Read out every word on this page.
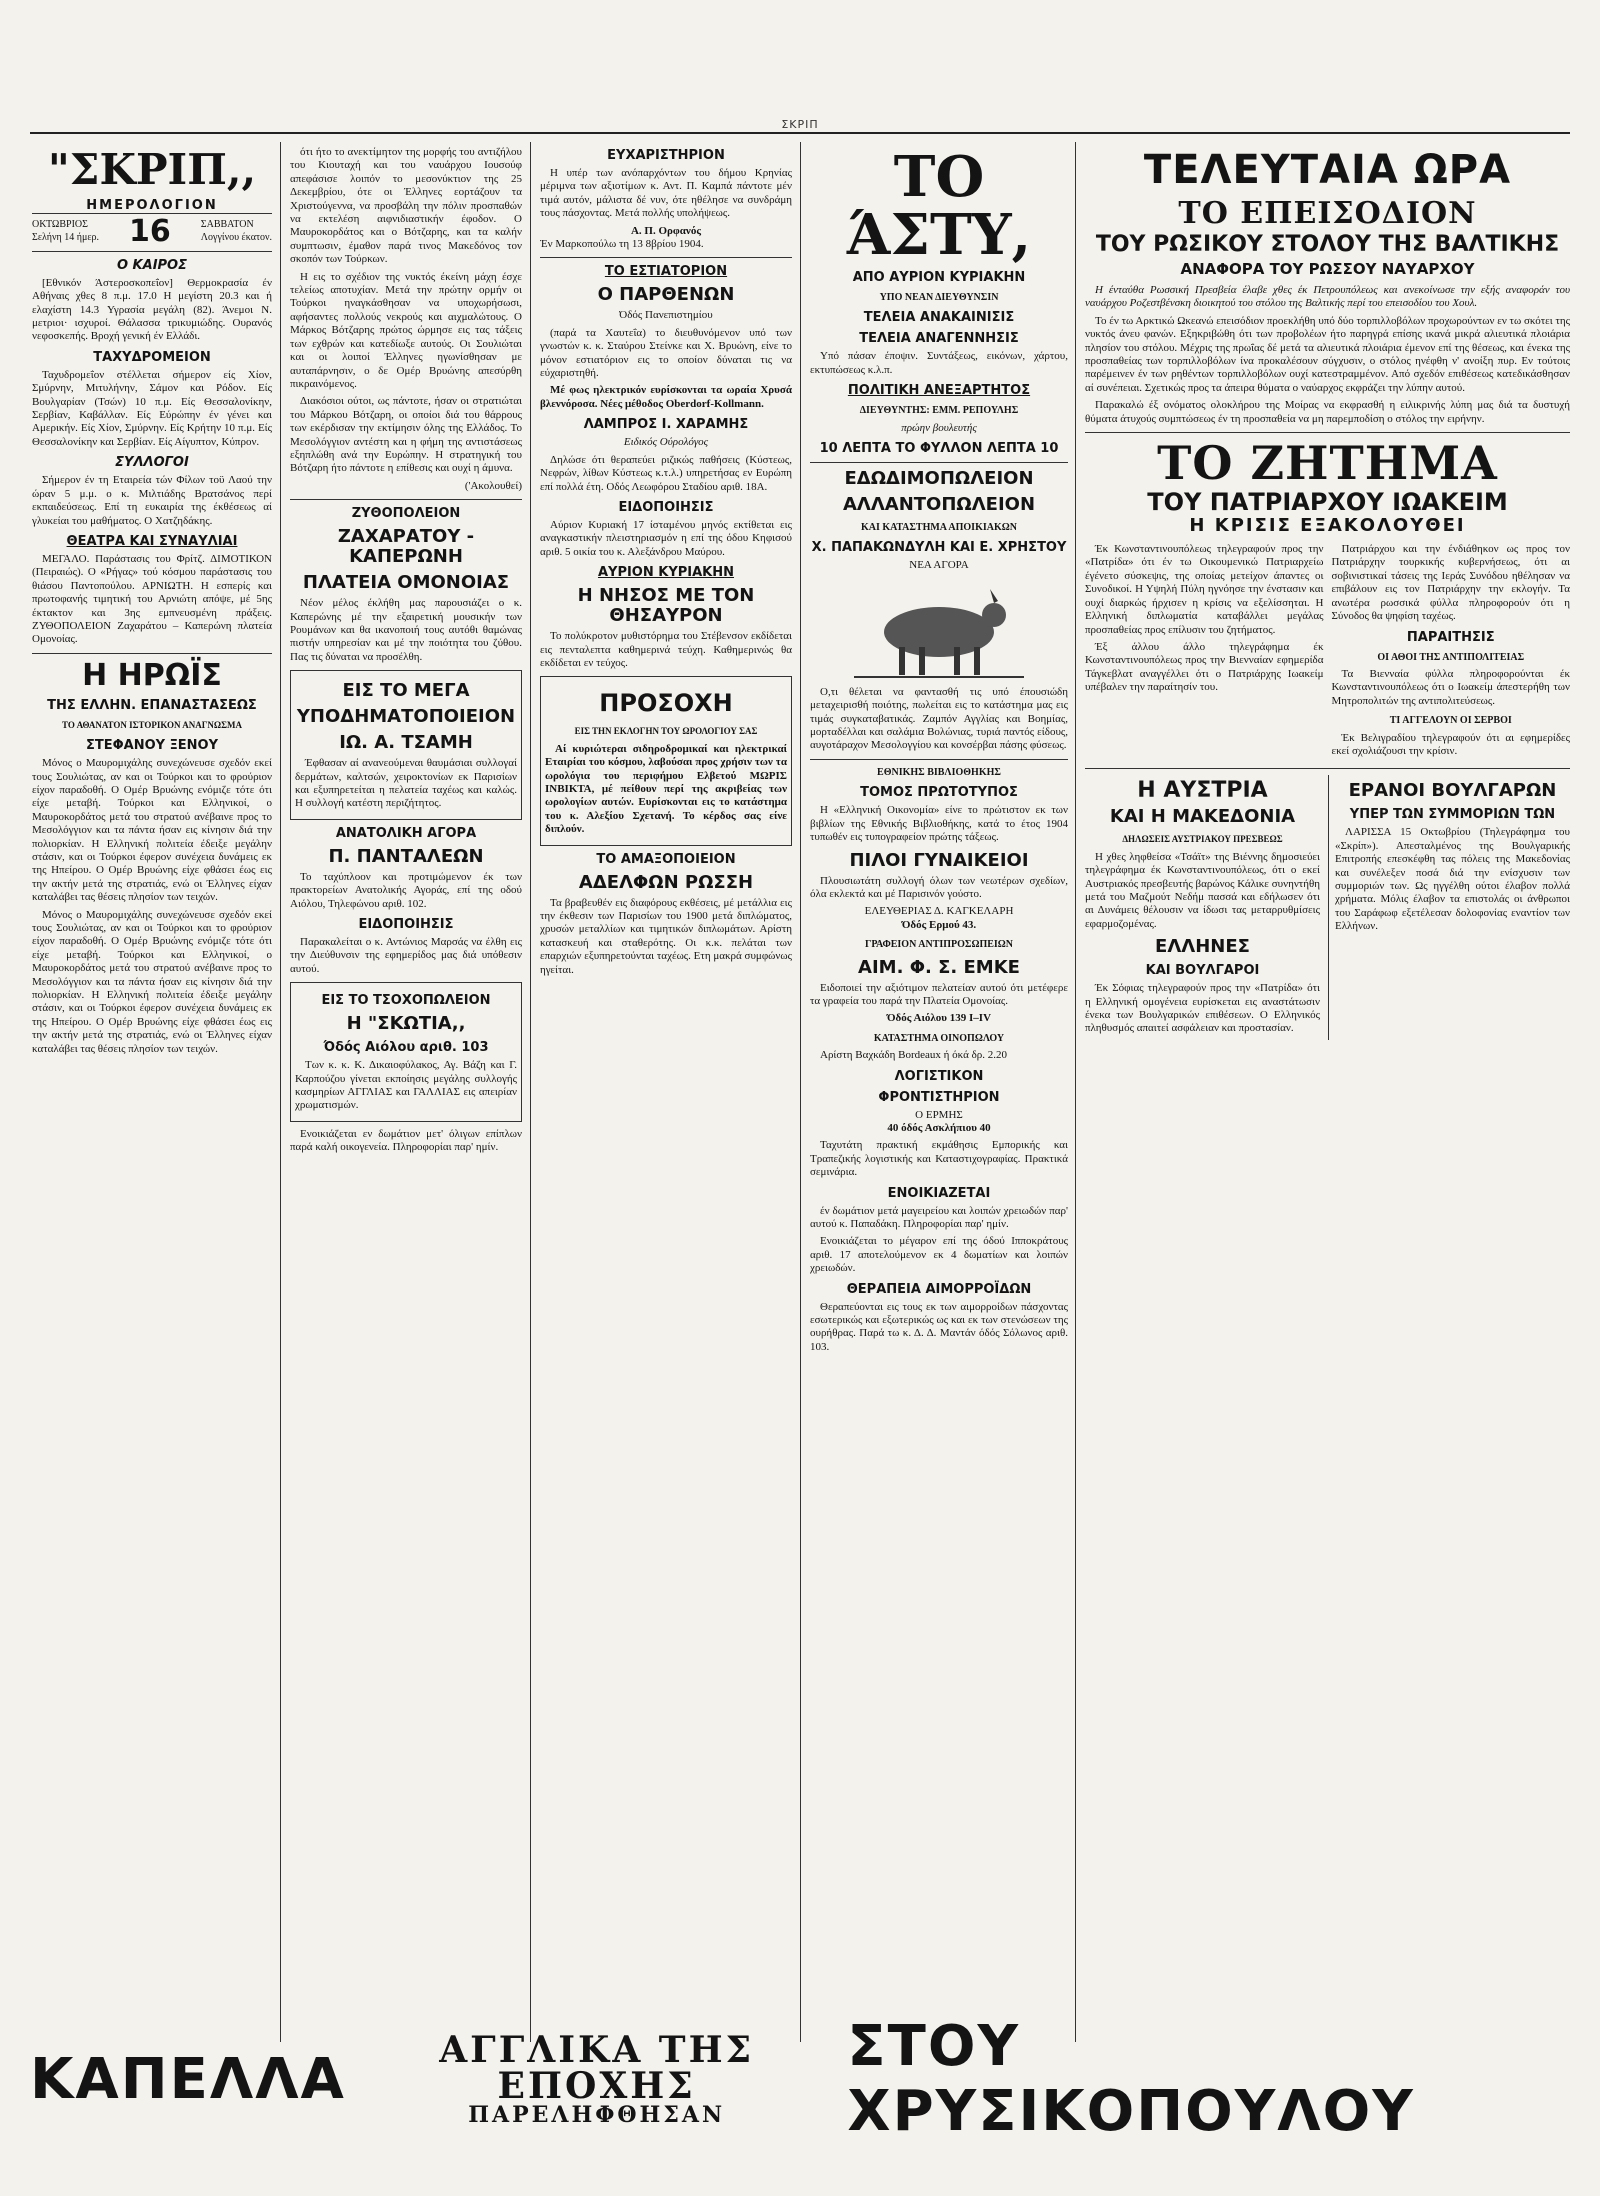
ΣΚΡΙΠ
"ΣΚΡΙΠ,,
ΗΜΕΡΟΛΟΓΙΟΝ
ΟΚΤΩΒΡΙΟΣ
Σελήνη 14 ήμερ. 16	ΣΑΒΒΑΤΟΝ
Λογγίνου έκατον.
Ο ΚΑΙΡΟΣ

[Εθνικόν Άστεροσκοπεΐον] Θερμοκρασία έν Αθήναις χθες 8 π.μ. 17.0 Η μεγίστη 20.3 και ή ελαχίστη 14.3 Υγρασία μεγάλη (82). Άνεμοι Ν. μετριοι· ισχυροί. Θάλασσα τρικυμιώδης. Ουρανός νεφοσκεπής. Βροχή γενική έν Ελλάδι.

ΤΑΧΥΔΡΟΜΕΙΟΝ

Ταχυδρομεΐον στέλλεται σήμερον είς Χίον, Σμύρνην, Μιτυλήνην, Σάμον και Ρόδον. Είς Βουλγαρίαν (Τσών) 10 π.μ. Είς Θεσσαλονίκην, Σερβίαν, Καβάλλαν. Είς Εύρώπην έν γένει και Αμερικήν. Είς Χίον, Σμύρνην. Είς Κρήτην 10 π.μ. Είς Θεσσαλονίκην και Σερβίαν. Είς Αίγυπτον, Κύπρον.

ΣΥΛΛΟΓΟΙ

Σήμερον έν τη Εταιρεία τών Φίλων τοϋ Λαού την ώραν 5 μ.μ. ο κ. Μιλτιάδης Βρατσάνος περί εκπαιδεύσεως. Επί τη ευκαιρία της έκθέσεως αί γλυκείαι του μαθήματος. Ο Χατζηδάκης.

ΘΕΑΤΡΑ ΚΑΙ ΣΥΝΑΥΛΙΑΙ

ΜΕΓΑΛΟ. Παράστασις του Φρίτζ. ΔΙΜΟΤΙΚΟΝ (Πειραιώς). Ο «Ρήγας» τού κόσμου παράστασις του θιάσου Παντοπούλου. ΑΡΝΙΩΤΗ. Η εσπερίς και πρωτοφανής τιμητική του Αρνιώτη απόψε, μέ 5ης έκτακτον και 3ης εμπνευσμένη πράξεις. ΖΥΘΟΠΟΛΕΙΟΝ Ζαχαράτου – Καπερώνη πλατεία Ομονοίας.

Η ΗΡΩΪΣ
ΤΗΣ ΕΛΛΗΝ. ΕΠΑΝΑΣΤΑΣΕΩΣ
ΤΟ ΑΘΑΝΑΤΟΝ ΙΣΤΟΡΙΚΟΝ ΑΝΑΓΝΩΣΜΑ
ΣΤΕΦΑΝΟΥ ΞΕΝΟΥ

Μόνος ο Μαυρομιχάλης συνεχώνευσε σχεδόν εκεί τους Σουλιώτας, αν και οι Τούρκοι και το φρούριον είχον παραδοθή. Ο Ομέρ Βρυώνης ενόμιζε τότε ότι είχε μεταβή. Τούρκοι και Ελληνικοί, ο Μαυροκορδάτος μετά του στρατού ανέβαινε προς το Μεσολόγγιον και τα πάντα ήσαν εις κίνησιν διά την πολιορκίαν. Η Ελληνική πολιτεία έδειξε μεγάλην στάσιν, και οι Τούρκοι έφερον συνέχεια δυνάμεις εκ της Ηπείρου. Ο Ομέρ Βρυώνης είχε φθάσει έως εις την ακτήν μετά της στρατιάς, ενώ οι Έλληνες είχαν καταλάβει τας θέσεις πλησίον των τειχών.

Μόνος ο Μαυρομιχάλης συνεχώνευσε σχεδόν εκεί τους Σουλιώτας, αν και οι Τούρκοι και το φρούριον είχον παραδοθή. Ο Ομέρ Βρυώνης ενόμιζε τότε ότι είχε μεταβή. Τούρκοι και Ελληνικοί, ο Μαυροκορδάτος μετά του στρατού ανέβαινε προς το Μεσολόγγιον και τα πάντα ήσαν εις κίνησιν διά την πολιορκίαν. Η Ελληνική πολιτεία έδειξε μεγάλην στάσιν, και οι Τούρκοι έφερον συνέχεια δυνάμεις εκ της Ηπείρου. Ο Ομέρ Βρυώνης είχε φθάσει έως εις την ακτήν μετά της στρατιάς, ενώ οι Έλληνες είχαν καταλάβει τας θέσεις πλησίον των τειχών.

ότι ήτο το ανεκτίμητον της μορφής του αντιζήλου του Κιουταχή και του ναυάρχου Ιουσούφ απεφάσισε λοιπόν το μεσονύκτιον της 25 Δεκεμβρίου, ότε οι Έλληνες εορτάζουν τα Χριστούγεννα, να προσβάλη την πόλιν προσπαθών να εκτελέση αιφνιδιαστικήν έφοδον. Ο Μαυροκορδάτος και ο Βότζαρης, και τα καλήν συμπτωσιν, έμαθον παρά τινος Μακεδόνος τον σκοπόν των Τούρκων.

Η εις το σχέδιον της νυκτός έκείνη μάχη έσχε τελείως αποτυχίαν. Μετά την πρώτην ορμήν οι Τούρκοι ηναγκάσθησαν να υποχωρήσωσι, αφήσαντες πολλούς νεκρούς και αιχμαλώτους. Ο Μάρκος Βότζαρης πρώτος ώρμησε εις τας τάξεις των εχθρών και κατεδίωξε αυτούς. Οι Σουλιώται και οι λοιποί Έλληνες ηγωνίσθησαν με αυταπάρνησιν, ο δε Ομέρ Βρυώνης απεσύρθη πικραινόμενος.

Διακόσιοι ούτοι, ως πάντοτε, ήσαν οι στρατιώται του Μάρκου Βότζαρη, οι οποίοι διά του θάρρους των εκέρδισαν την εκτίμησιν όλης της Ελλάδος. Το Μεσολόγγιον αντέστη και η φήμη της αντιστάσεως εξηπλώθη ανά την Ευρώπην. Η στρατηγική του Βότζαρη ήτο πάντοτε η επίθεσις και ουχί η άμυνα.

('Ακολουθεί)
ΖΥΘΟΠΟΛΕΙΟΝ
ΖΑΧΑΡΑΤΟΥ - ΚΑΠΕΡΩΝΗ
ΠΛΑΤΕΙΑ ΟΜΟΝΟΙΑΣ

Νέον μέλος έκλήθη μας παρουσιάζει ο κ. Καπερώνης μέ την εξαιρετική μουσικήν των Ρουμάνων και θα ικανοποιή τους αυτόθι θαμώνας πιστήν υπηρεσίαν και μέ την ποιότητα του ζύθου. Πας τις δύναται να προσέλθη.

ΕΙΣ ΤΟ ΜΕΓΑ
ΥΠΟΔΗΜΑΤΟΠΟΙΕΙΟΝ
ΙΩ. Α. ΤΣΑΜΗ

Έφθασαν αί ανανεούμεναι θαυμάσιαι συλλογαί δερμάτων, καλτσών, χειρoκτονίων εκ Παρισίων και εξυπηρετείται η πελατεία ταχέως και καλώς. Η συλλογή κατέστη περιζήτητος.

ΑΝΑΤΟΛΙΚΗ ΑΓΟΡΑ
Π. ΠΑΝΤΑΛΕΩΝ

Το ταχύπλοον και προτιμώμενον έκ των πρακτορείων Ανατολικής Αγοράς, επί της οδού Αιόλου, Τηλεφώνου αριθ. 102.

ΕΙΔΟΠΟΙΗΣΙΣ

Παρακαλείται ο κ. Αντώνιος Μαρσάς να έλθη εις την Διεύθυνσιν της εφημερίδος μας διά υπόθεσιν αυτού.

ΕΙΣ ΤΟ ΤΣΟΧΟΠΩΛΕΙΟΝ
Η "ΣΚΩΤΙΑ,,
Όδός Αιόλου αριθ. 103

Των κ. κ. Κ. Δικαιοφύλακος, Αγ. Βάζη και Γ. Καρπούζου γίνεται εκποίησις μεγάλης συλλογής κασμηρίων ΑΓΓΛΙΑΣ και ΓΑΛΛΙΑΣ εις απειρίαν χρωματισμών.

Ενοικιάζεται εν δωμάτιον μετ' όλιγων επίπλων παρά καλή οικογενεία. Πληροφορίαι παρ' ημίν.

ΕΥΧΑΡΙΣΤΗΡΙΟΝ

Η υπέρ των ανόπαρχόντων του δήμου Κρηνίας μέριμνα των αξιοτίμων κ. Αντ. Π. Καμπά πάντοτε μέν τιμά αυτόν, μάλιστα δέ νυν, ότε ηθέλησε να συνδράμη τους πάσχοντας. Μετά πολλής υπολήψεως.

Α. Π. Ορφανός
Έν Μαρκοπούλω τη 13 8βρίου 1904.
ΤΟ ΕΣΤΙΑΤΟΡΙΟΝ
Ο ΠΑΡΘΕΝΩΝ
Όδός Πανεπιστημίου

(παρά τα Χαυτεΐα) το διευθυνόμενον υπό των γνωστών κ. κ. Σταύρου Στείνκε και Χ. Βρυώνη, είνε το μόνον εστιατόριον εις το οποίον δύναται τις να εύχαριστηθή.

Μέ φως ηλεκτρικόν ευρίσκονται τα ωραία Χρυσά βλεννόροσα. Νέες μέθοδος Oberdorf-Kollmann.

ΛΑΜΠΡΟΣ Ι. ΧΑΡΑΜΗΣ
Ειδικός Ούρολόγος

Δηλώσε ότι θεραπεύει ριζικώς παθήσεις (Κύστεως, Νεφρών, λίθων Κύστεως κ.τ.λ.) υπηρετήσας εν Ευρώπη επί πολλά έτη. Οδός Λεωφόρου Σταδίου αριθ. 18Α.

ΕΙΔΟΠΟΙΗΣΙΣ

Αύριον Κυριακή 17 ίσταμένου μηνός εκτίθεται εις αναγκαστικήν πλειστηριασμόν η επί της όδου Κηφισού αριθ. 5 οικία του κ. Αλεξάνδρου Μαύρου.

ΑΥΡΙΟΝ ΚΥΡΙΑΚΗΝ
Η ΝΗΣΟΣ ΜΕ ΤΟΝ ΘΗΣΑΥΡΟΝ

Το πολύκροτον μυθιστόρημα του Στέβενσον εκδίδεται εις πενταλεπτα καθημερινά τεύχη. Καθημερινώς θα εκδίδεται εν τεύχος.

ΠΡΟΣΟΧΗ
ΕΙΣ ΤΗΝ ΕΚΛΟΓΗΝ ΤΟΥ ΩΡΟΛΟΓΙΟΥ ΣΑΣ

Αί κυριώτεραι σιδηροδρομικαί και ηλεκτρικαί Εταιρίαι του κόσμου, λαβούσαι προς χρήσιν των τα ωρολόγια του περιφήμου Ελβετού ΜΩΡΙΣ ΙΝΒΙΚΤΑ, μέ πείθουν περί της ακριβείας των ωρολογίων αυτών. Ευρίσκονται εις το κατάστημα του κ. Αλεξίου Σχετανή. Το κέρδος σας είνε διπλούν.

ΤΟ ΑΜΑΞΟΠΟΙΕΙΟΝ
ΑΔΕΛΦΩΝ ΡΩΣΣΗ

Τα βραβευθέν εις διαφόρους εκθέσεις, μέ μετάλλια εις την έκθεσιν των Παρισίων του 1900 μετά διπλώματος, χρυσών μεταλλίων και τιμητικών διπλωμάτων. Αρίστη κατασκευή και σταθερότης. Οι κ.κ. πελάται των επαρχιών εξυπηρετούνται ταχέως. Ετη μακρά συμφώνως ηγείται.

ΤΟ ΆΣΤΥ,
ΑΠΟ ΑΥΡΙΟΝ ΚΥΡΙΑΚΗΝ
ΥΠΟ ΝΕΑΝ ΔΙΕΥΘΥΝΣΙΝ
ΤΕΛΕΙΑ ΑΝΑΚΑΙΝΙΣΙΣ
ΤΕΛΕΙΑ ΑΝΑΓΕΝΝΗΣΙΣ

Υπό πάσαν έποψιν. Συντάξεως, εικόνων, χάρτου, εκτυπώσεως κ.λ.π.

ΠΟΛΙΤΙΚΗ ΑΝΕΞΑΡΤΗΤΟΣ
ΔΙΕΥΘΥΝΤΗΣ: ΕΜΜ. ΡΕΠΟΥΛΗΣ
πρώην βουλευτής
10 ΛΕΠΤΑ ΤΟ ΦΥΛΛΟΝ ΛΕΠΤΑ 10
ΕΔΩΔΙΜΟΠΩΛΕΙΟΝ
ΑΛΛΑΝΤΟΠΩΛΕΙΟΝ
ΚΑΙ ΚΑΤΑΣΤΗΜΑ ΑΠΟΙΚΙΑΚΩΝ
Χ. ΠΑΠΑΚΩΝΔΥΛΗ ΚΑΙ Ε. ΧΡΗΣΤΟΥ
ΝΕΑ ΑΓΟΡΑ

Ο,τι θέλεται να φαντασθή τις υπό έπουσιώδη μεταχειρισθή ποιότης, πωλείται εις το κατάστημα μας εις τιμάς συγκαταβατικάς. Ζαμπόν Αγγλίας και Βοημίας, μορταδέλλαι και σαλάμια Βολώνιας, τυριά παντός είδους, αυγοτάραχον Μεσολογγίου και κονσέρβαι πάσης φύσεως.

ΕΘΝΙΚΗΣ ΒΙΒΛΙΟΘΗΚΗΣ
ΤΟΜΟΣ ΠΡΩΤΟΤΥΠΟΣ

Η «Ελληνική Οικονομία» είνε το πρώτιστον εκ των βιβλίων της Εθνικής Βιβλιοθήκης, κατά το έτος 1904 τυπωθέν εις τυπογραφείον πρώτης τάξεως.

ΠΙΛΟΙ ΓΥΝΑΙΚΕΙΟΙ

Πλουσιωτάτη συλλογή όλων των νεωτέρων σχεδίων, όλα εκλεκτά και μέ Παρισινόν γούστο.

ΕΛΕΥΘΕΡΙΑΣ Δ. ΚΑΓΚΕΛΑΡΗ
Όδός Ερμού 43.
ΓΡΑΦΕΙΟΝ ΑΝΤΙΠΡΟΣΩΠΕΙΩΝ
ΑΙΜ. Φ. Σ. ΕΜΚΕ

Ειδοποιεί την αξιότιμον πελατείαν αυτού ότι μετέφερε τα γραφεία του παρά την Πλατεία Ομονοίας.

Όδός Αιόλου 139 Ι–IV
ΚΑΤΑΣΤΗΜΑ ΟΙΝΟΠΩΛΟΥ

Αρίστη Βαχκάδη Bordeaux ή όκά δρ. 2.20

ΛΟΓΙΣΤΙΚΟΝ
ΦΡΟΝΤΙΣΤΗΡΙΟΝ
Ο ΕΡΜΗΣ
40 όδός Ασκλήπιου 40

Ταχυτάτη πρακτική εκμάθησις Εμπορικής και Τραπεζικής λογιστικής και Καταστιχογραφίας. Πρακτικά σεμινάρια.

ΕΝΟΙΚΙΑΖΕΤΑΙ

έν δωμάτιον μετά μαγειρείου και λοιπών χρειωδών παρ' αυτού κ. Παπαδάκη. Πληροφορίαι παρ' ημίν.

Ενοικιάζεται το μέγαρον επί της όδού Ιπποκράτους αριθ. 17 αποτελούμενον εκ 4 δωματίων και λοιπών χρειωδών.

ΘΕΡΑΠΕΙΑ ΑΙΜΟΡΡΟΪΔΩΝ

Θεραπεύονται εις τους εκ των αιμορροίδων πάσχοντας εσωτερικώς και εξωτερικώς ως και εκ των στενώσεων της ουρήθρας. Παρά τω κ. Δ. Δ. Μαντάν όδός Σόλωνος αριθ. 103.

ΤΕΛΕΥΤΑΙΑ ΩΡΑ
ΤΟ ΕΠΕΙΣΟΔΙΟΝ
ΤΟΥ ΡΩΣΙΚΟΥ ΣΤΟΛΟΥ ΤΗΣ ΒΑΛΤΙΚΗΣ
ΑΝΑΦΟΡΑ ΤΟΥ ΡΩΣΣΟΥ ΝΑΥΑΡΧΟΥ

Η ένταύθα Ρωσσική Πρεσβεία έλαβε χθες έκ Πετρουπόλεως και ανεκοίνωσε την εξής αναφοράν του ναυάρχου Ροζεστβένσκη διοικητού του στόλου της Βαλτικής περί του επεισοδίου του Χουλ.

Το έν τω Αρκτικώ Ωκεανώ επεισόδιον προεκλήθη υπό δύο τορπιλλοβόλων προχωρούντων εν τω σκότει της νυκτός άνευ φανών. Εξηκριβώθη ότι των προβολέων ήτο παρηγρά επίσης ικανά μικρά αλιευτικά πλοιάρια πλησίον του στόλου. Μέχρις της πρωΐας δέ μετά τα αλιευτικά πλοιάρια έμενον επί της θέσεως, και ένεκα της προσπαθείας των τορπιλλοβόλων ίνα προκαλέσουν σύγχυσιν, ο στόλος ηνέφθη ν' ανοίξη πυρ. Εν τούτοις παρέμεινεν έν των ρηθέντων τορπιλλοβόλων ουχί κατεστραμμένον. Από σχεδόν επιθέσεως κατεδικάσθησαν αί συνέπειαι. Σχετικώς προς τα άπειρα θύματα ο ναύαρχος εκφράζει την λύπην αυτού.

Παρακαλώ έξ ονόματος ολοκλήρου της Μοίρας να εκφρασθή η ειλικρινής λύπη μας διά τα δυστυχή θύματα άτυχούς συμπτώσεως έν τη προσπαθεία να μη παρεμποδίση ο στόλος την ειρήνην.

ΤΟ ΖΗΤΗΜΑ
ΤΟΥ ΠΑΤΡΙΑΡΧΟΥ ΙΩΑΚΕΙΜ
Η ΚΡΙΣΙΣ ΕΞΑΚΟΛΟΥΘΕΙ

Έκ Κωνσταντινουπόλεως τηλεγραφούν προς την «Πατρίδα» ότι έν τω Οικουμενικώ Πατριαρχείω έγένετο σύσκεψις, της οποίας μετείχον άπαντες οι Συνοδικοί. Η Υψηλή Πύλη ηγνόησε την ένστασιν και ουχί διαρκώς ήρχισεν η κρίσις να εξελίσσηται. Η Ελληνική διπλωματία καταβάλλει μεγάλας προσπαθείας προς επίλυσιν του ζητήματος.

Έξ άλλου άλλο τηλεγράφημα έκ Κωνσταντινουπόλεως προς την Βιενναίαν εφημερίδα Τάγκεβλατ αναγγέλλει ότι ο Πατριάρχης Ιωακείμ υπέβαλεν την παραίτησίν του.

Πατριάρχου και την ένδιάθηκον ως προς τον Πατριάρχην τουρκικής κυβερνήσεως, ότι αι σοβινιστικαί τάσεις της Ιεράς Συνόδου ηθέλησαν να επιβάλουν εις τον Πατριάρχην την εκλογήν. Τα ανωτέρα ρωσσικά φύλλα πληροφορούν ότι η Σύνοδος θα ψηφίση ταχέως.

ΠΑΡΑΙΤΗΣΙΣ
ΟΙ ΑΘΟΙ ΤΗΣ ΑΝΤΙΠΟΛΙΤΕΙΑΣ

Τα Βιενναία φύλλα πληροφορούνται έκ Κωνσταντινουπόλεως ότι ο Ιωακείμ άπεστερήθη των Μητροπολιτών της αντιπολιτεύσεως.

ΤΙ ΑΓΓΕΛΟΥΝ ΟΙ ΣΕΡΒΟΙ

Έκ Βελιγραδίου τηλεγραφούν ότι αι εφημερίδες εκεί σχολιάζουσι την κρίσιν.

Η ΑΥΣΤΡΙΑ
ΚΑΙ Η ΜΑΚΕΔΟΝΙΑ
ΔΗΛΩΣΕΙΣ ΑΥΣΤΡΙΑΚΟΥ ΠΡΕΣΒΕΩΣ

Η χθες ληφθείσα «Τσάϊτ» της Βιέννης δημοσιεύει τηλεγράφημα έκ Κωνσταντινουπόλεως, ότι ο εκεί Αυστριακός πρεσβευτής βαρώνος Κάλικε συνηντήθη μετά του Μαζμούτ Νεδήμ πασσά και εδήλωσεν ότι αι Δυνάμεις θέλουσιν να ίδωσι τας μεταρρυθμίσεις εφαρμοζομένας.

ΕΛΛΗΝΕΣ
ΚΑΙ ΒΟΥΛΓΑΡΟΙ

Έκ Σόφιας τηλεγραφούν προς την «Πατρίδα» ότι η Ελληνική ομογένεια ευρίσκεται εις αναστάτωσιν ένεκα των Βουλγαρικών επιθέσεων. Ο Ελληνικός πληθυσμός απαιτεί ασφάλειαν και προστασίαν.

ΕΡΑΝΟΙ ΒΟΥΛΓΑΡΩΝ
ΥΠΕΡ ΤΩΝ ΣΥΜΜΟΡΙΩΝ ΤΩΝ

ΛΑΡΙΣΣΑ 15 Οκτωβρίου (Τηλεγράφημα του «Σκρίπ»). Απεσταλμένος της Βουλγαρικής Επιτροπής επεσκέφθη τας πόλεις της Μακεδονίας και συνέλεξεν ποσά διά την ενίσχυσιν των συμμοριών των. Ως ηγγέλθη ούτοι έλαβον πολλά χρήματα. Μόλις έλαβον τα επιστολάς οι άνθρωποι του Σαράφωφ εξετέλεσαν δολοφονίας εναντίον των Ελλήνων.

ΚΑΠΕΛΛΑ	ΑΓΓΛΙΚΑ ΤΗΣ ΕΠΟΧΗΣ
ΠΑΡΕΛΗΦΘΗΣΑΝ
ΣΤΟΥ ΧΡΥΣΙΚΟΠΟΥΛΟΥ
